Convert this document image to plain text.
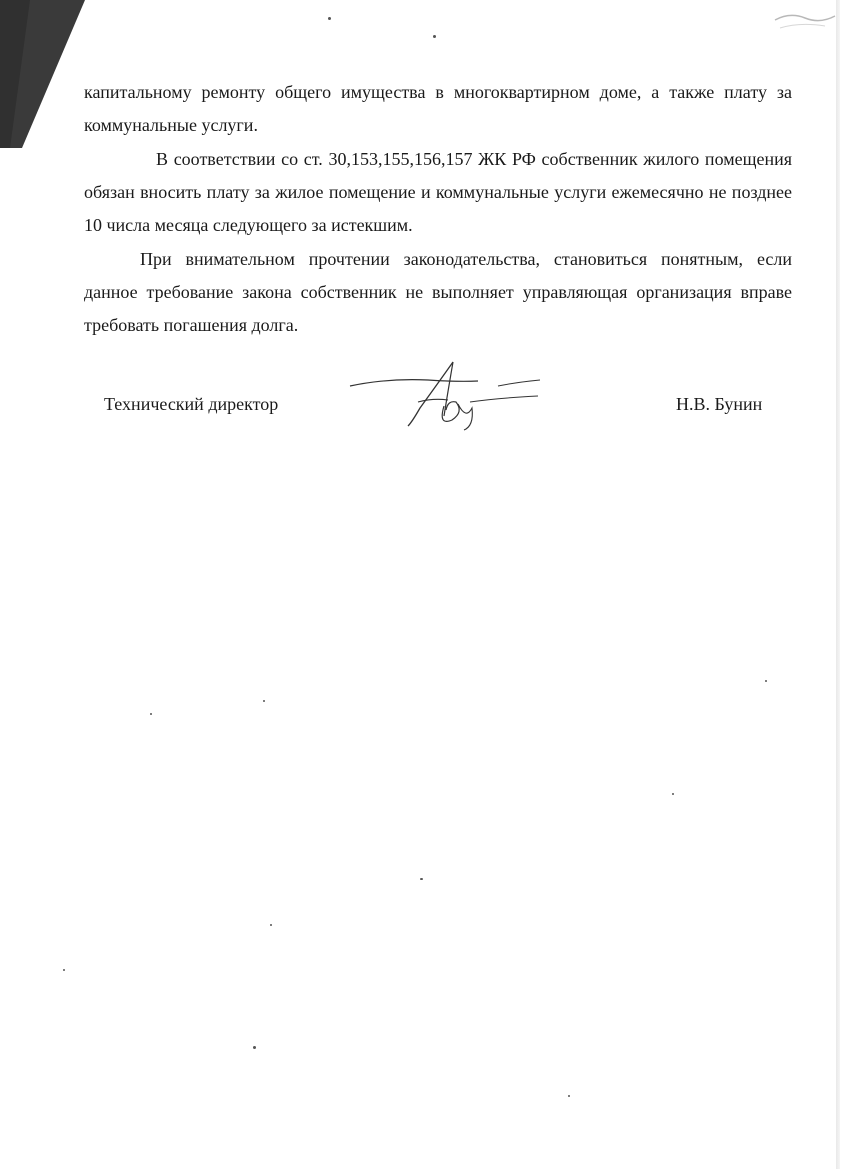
капитальному ремонту общего имущества в многоквартирном доме, а также плату за коммунальные услуги.

В соответствии со ст. 30,153,155,156,157 ЖК РФ собственник жилого помещения обязан вносить плату за жилое помещение и коммунальные услуги ежемесячно не позднее 10 числа месяца следующего за истекшим.

При внимательном прочтении законодательства, становиться понятным, если данное требование закона собственник не выполняет управляющая организация вправе требовать погашения долга.

Технический директор	Н.В. Бунин
